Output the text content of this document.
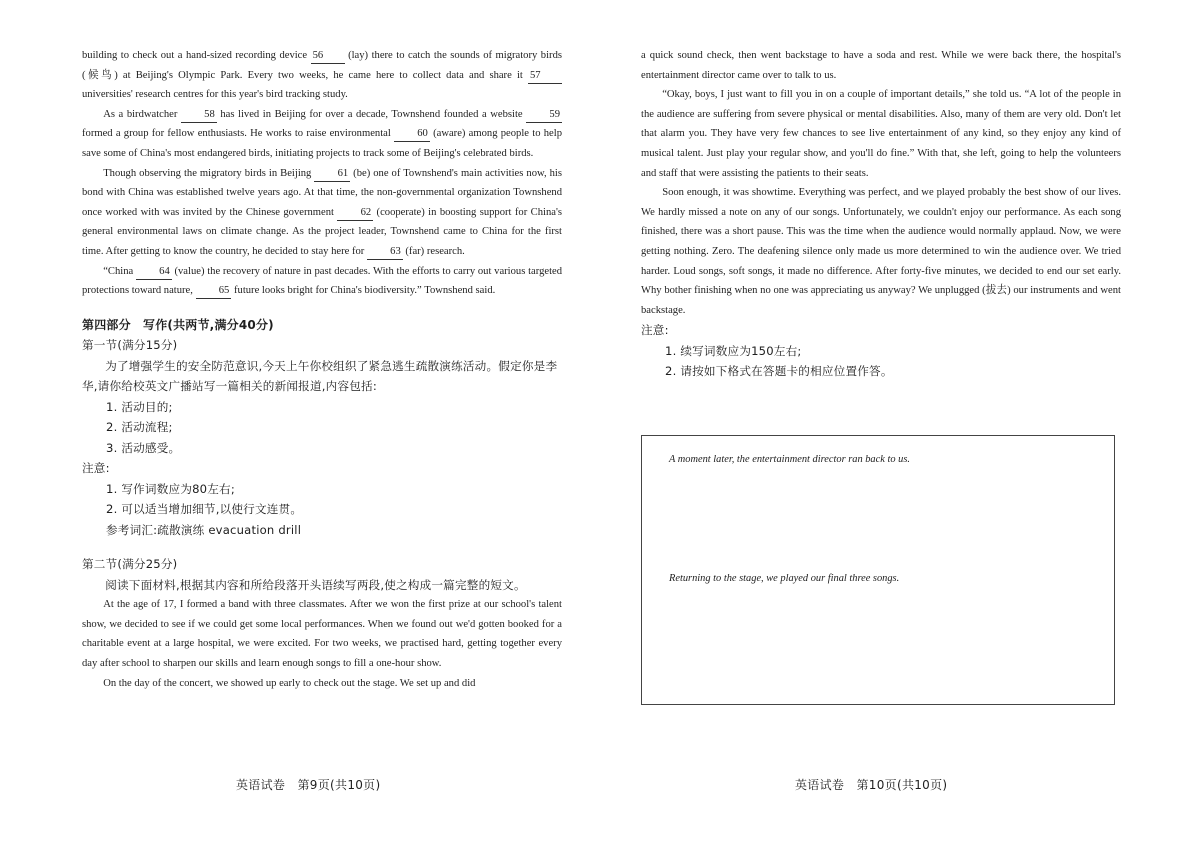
building to check out a hand-sized recording device 56 (lay) there to catch the sounds of migratory birds (候鸟) at Beijing's Olympic Park. Every two weeks, he came here to collect data and share it 57 universities' research centres for this year's bird tracking study.

As a birdwatcher 58 has lived in Beijing for over a decade, Townshend founded a website 59 formed a group for fellow enthusiasts. He works to raise environmental 60 (aware) among people to help save some of China's most endangered birds, initiating projects to track some of Beijing's celebrated birds.

Though observing the migratory birds in Beijing 61 (be) one of Townshend's main activities now, his bond with China was established twelve years ago. At that time, the non-governmental organization Townshend once worked with was invited by the Chinese government 62 (cooperate) in boosting support for China's general environmental laws on climate change. As the project leader, Townshend came to China for the first time. After getting to know the country, he decided to stay here for 63 (far) research.

“China 64 (value) the recovery of nature in past decades. With the efforts to carry out various targeted protections toward nature, 65 future looks bright for China's biodiversity.” Townshend said.

第四部分　写作(共两节,满分40分)

第一节(满分15分)

为了增强学生的安全防范意识,今天上午你校组织了紧急逃生疏散演练活动。假定你是李华,请你给校英文广播站写一篇相关的新闻报道,内容包括:

1. 活动目的;

2. 活动流程;

3. 活动感受。

注意:

1. 写作词数应为80左右;

2. 可以适当增加细节,以使行文连贯。

参考词汇:疏散演练 evacuation drill

第二节(满分25分)

阅读下面材料,根据其内容和所给段落开头语续写两段,使之构成一篇完整的短文。

At the age of 17, I formed a band with three classmates. After we won the first prize at our school's talent show, we decided to see if we could get some local performances. When we found out we'd gotten booked for a charitable event at a large hospital, we were excited. For two weeks, we practised hard, getting together every day after school to sharpen our skills and learn enough songs to fill a one-hour show.

On the day of the concert, we showed up early to check out the stage. We set up and did

英语试卷　第9页(共10页)

a quick sound check, then went backstage to have a soda and rest. While we were back there, the hospital's entertainment director came over to talk to us.

“Okay, boys, I just want to fill you in on a couple of important details,” she told us. “A lot of the people in the audience are suffering from severe physical or mental disabilities. Also, many of them are very old. Don't let that alarm you. They have very few chances to see live entertainment of any kind, so they enjoy any kind of musical talent. Just play your regular show, and you'll do fine.” With that, she left, going to help the volunteers and staff that were assisting the patients to their seats.

Soon enough, it was showtime. Everything was perfect, and we played probably the best show of our lives. We hardly missed a note on any of our songs. Unfortunately, we couldn't enjoy our performance. As each song finished, there was a short pause. This was the time when the audience would normally applaud. Now, we were getting nothing. Zero. The deafening silence only made us more determined to win the audience over. We tried harder. Loud songs, soft songs, it made no difference. After forty-five minutes, we decided to end our set early. Why bother finishing when no one was appreciating us anyway? We unplugged (拔去) our instruments and went backstage.

注意:

1. 续写词数应为150左右;

2. 请按如下格式在答题卡的相应位置作答。

A moment later, the entertainment director ran back to us.
Returning to the stage, we played our final three songs.
英语试卷　第10页(共10页)
